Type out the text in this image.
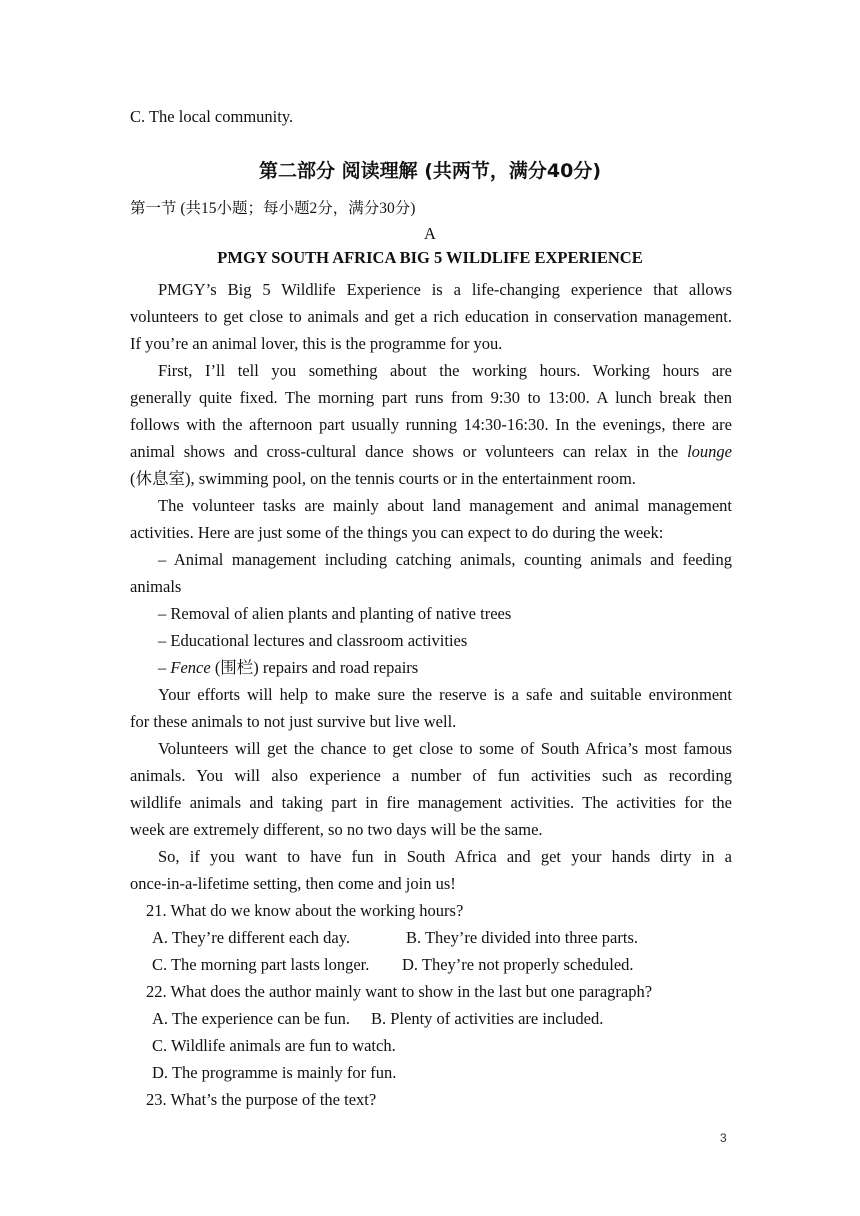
C. The local community.
第二部分 阅读理解 (共两节，满分40分)
第一节 (共15小题；每小题2分，满分30分)
A
PMGY SOUTH AFRICA BIG 5 WILDLIFE EXPERIENCE
PMGY’s Big 5 Wildlife Experience is a life-changing experience that allows
volunteers to get close to animals and get a rich education in conservation management.
If you’re an animal lover, this is the programme for you.
First, I’ll tell you something about the working hours. Working hours are
generally quite fixed. The morning part runs from 9:30 to 13:00. A lunch break then
follows with the afternoon part usually running 14:30-16:30. In the evenings, there are
animal shows and cross-cultural dance shows or volunteers can relax in the lounge
(休息室), swimming pool, on the tennis courts or in the entertainment room.
The volunteer tasks are mainly about land management and animal management
activities. Here are just some of the things you can expect to do during the week:
– Animal management including catching animals, counting animals and feeding
animals
– Removal of alien plants and planting of native trees
– Educational lectures and classroom activities
– Fence (围栏) repairs and road repairs
Your efforts will help to make sure the reserve is a safe and suitable environment
for these animals to not just survive but live well.
Volunteers will get the chance to get close to some of South Africa’s most famous
animals. You will also experience a number of fun activities such as recording
wildlife animals and taking part in fire management activities. The activities for the
week are extremely different, so no two days will be the same.
So, if you want to have fun in South Africa and get your hands dirty in a
once-in-a-lifetime setting, then come and join us!
21. What do we know about the working hours?
A. They’re different each day.	B. They’re divided into three parts.
C. The morning part lasts longer. D. They’re not properly scheduled.
22. What does the author mainly want to show in the last but one paragraph?
A. The experience can be fun. B. Plenty of activities are included.
C. Wildlife animals are fun to watch.
D. The programme is mainly for fun.
23. What’s the purpose of the text?
3
